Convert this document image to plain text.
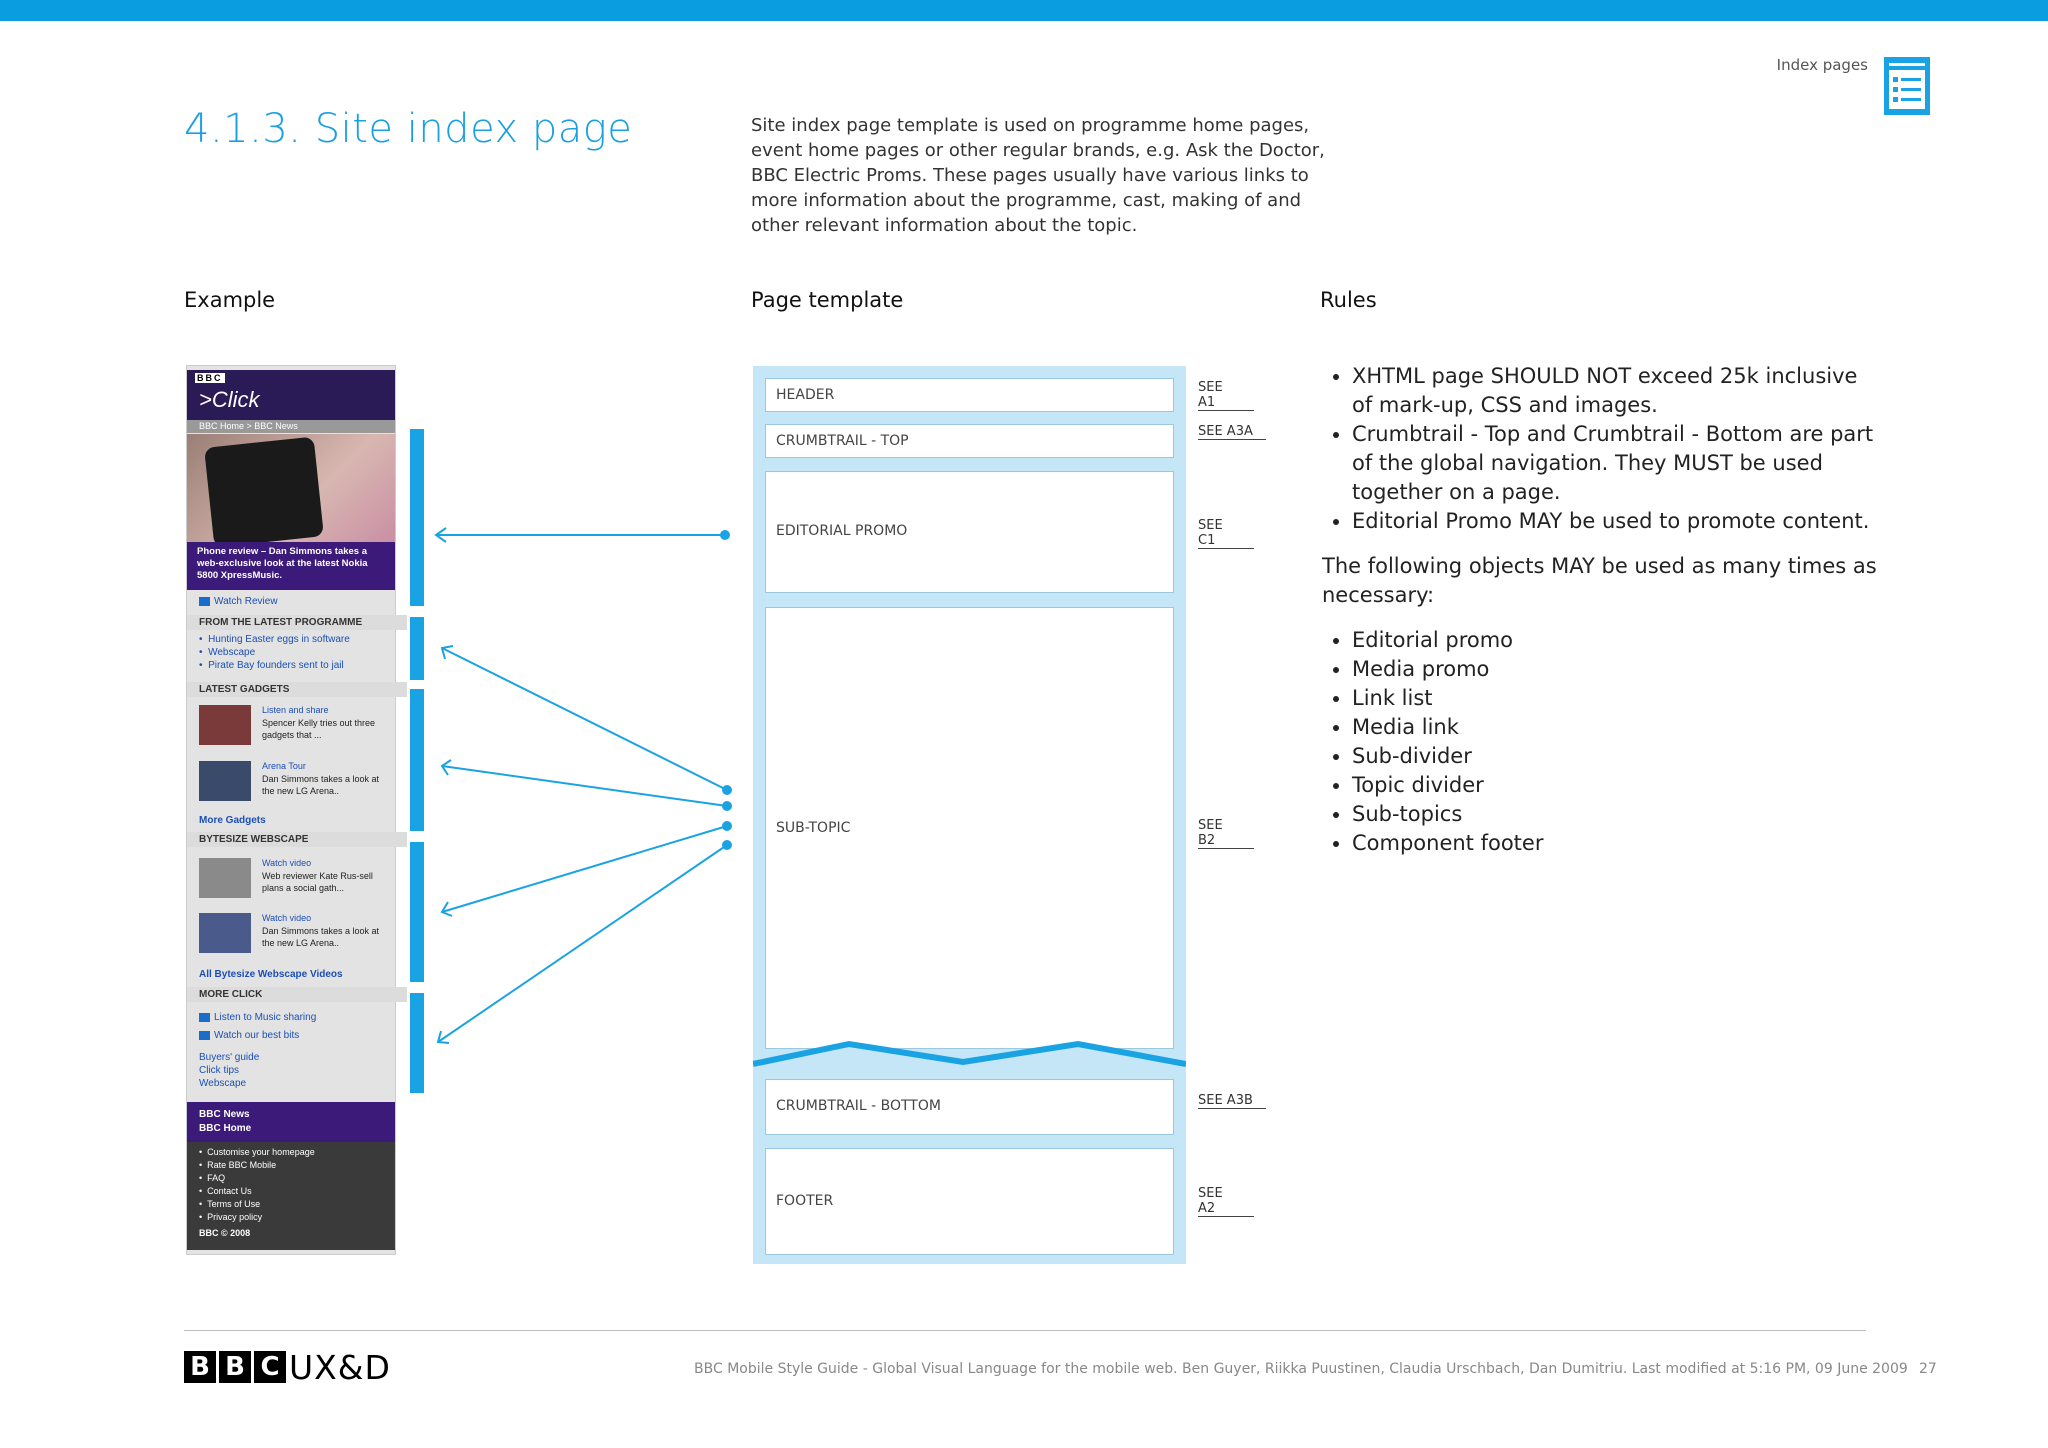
Index pages
4.1.3. Site index page	Site index page template is used on programme home pages, event home pages or other regular brands, e.g. Ask the Doctor, BBC Electric Proms. These pages usually have various links to more information about the programme, cast, making of and other relevant information about the topic.
Example	Page template	Rules
BBC
>Click
BBC Home > BBC News
Phone review – Dan Simmons takes a web-exclusive look at the latest Nokia 5800 XpressMusic.
Watch Review
FROM THE LATEST PROGRAMME
•  Hunting Easter eggs in software
•  Webscape
•  Pirate Bay founders sent to jail
LATEST GADGETS
Listen and share
Spencer Kelly tries out three gadgets that ...
Arena Tour
Dan Simmons takes a look at the new LG Arena..
More Gadgets
BYTESIZE WEBSCAPE
Watch video
Web reviewer Kate Rus-sell plans a social gath...
Watch video
Dan Simmons takes a look at the new LG Arena..
All Bytesize Webscape Videos
MORE CLICK
Listen to Music sharing
Watch our best bits
Buyers' guide
Click tips
Webscape
BBC News
BBC Home
•  Customise your homepage
•  Rate BBC Mobile
•  FAQ
•  Contact Us
•  Terms of Use
•  Privacy policy
BBC © 2008
HEADER
CRUMBTRAIL - TOP
EDITORIAL PROMO
SUB-TOPIC
CRUMBTRAIL - BOTTOM
FOOTER
SEE A1
SEE A3A
SEE C1
SEE B2
SEE A3B
SEE A2
• XHTML page SHOULD NOT exceed 25k inclusive of mark-up, CSS and images.
• Crumbtrail - Top and Crumbtrail - Bottom are part of the global navigation. They MUST be used together on a page.
• Editorial Promo MAY be used to promote content.

The following objects MAY be used as many times as necessary:

• Editorial promo
• Media promo
• Link list
• Media link
• Sub-divider
• Topic divider
• Sub-topics
• Component footer
B B C UX&D	BBC Mobile Style Guide - Global Visual Language for the mobile web. Ben Guyer, Riikka Puustinen, Claudia Urschbach, Dan Dumitriu. Last modified at 5:16 PM, 09 June 2009 27
